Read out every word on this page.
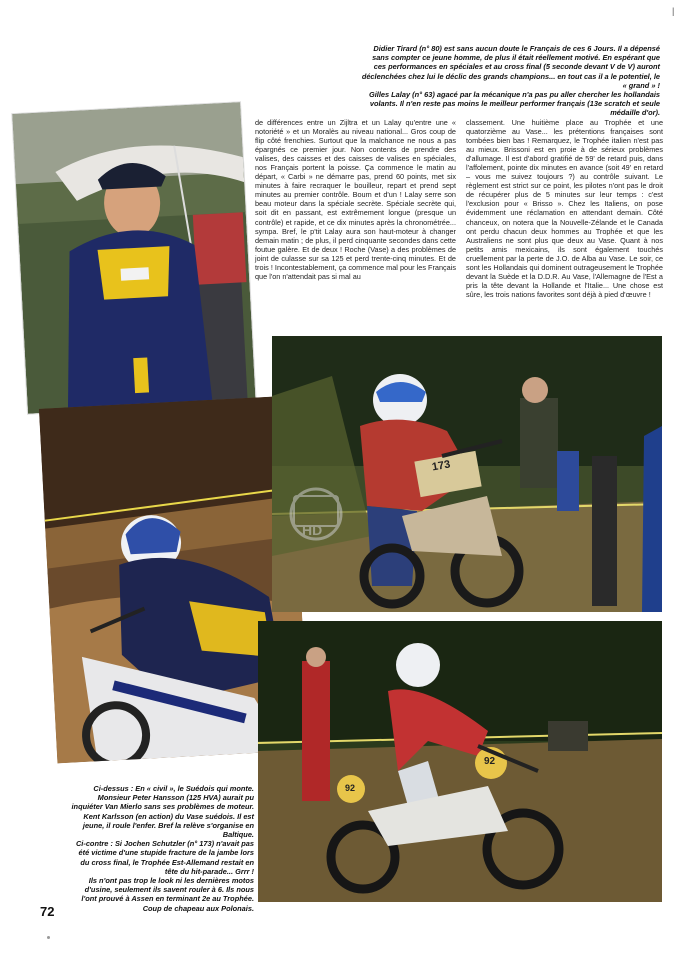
Didier Tirard (n° 80) est sans aucun doute le Français de ces 6 Jours. Il a dépensé sans compter ce jeune homme, de plus il était réellement motivé. En espérant que ces performances en spéciales et au cross final (5 seconde devant V de V) auront déclenchées chez lui le déclic des grands champions... en tout cas il a le potentiel, le « grand » !

Gilles Lalay (n° 63) agacé par la mécanique n'a pas pu aller chercher les hollandais volants. Il n'en reste pas moins le meilleur performer français (13e scratch et seule médaille d'or).

|
de différences entre un Zijltra et un Lalay qu'entre une « notoriété » et un Moralès au niveau national... Gros coup de flip côté frenchies. Surtout que la malchance ne nous a pas épargnés ce premier jour. Non contents de prendre des valises, des caisses et des caisses de valises en spéciales, nos Français portent la poisse. Ça commence le matin au départ, « Carbi » ne démarre pas, prend 60 points, met six minutes à faire recraquer le bouilleur, repart et prend sept minutes au premier contrôle. Boum et d'un ! Lalay serre son beau moteur dans la spéciale secrète. Spéciale secrète qui, soit dit en passant, est extrêmement longue (presque un contrôle) et rapide, et ce dix minutes après la chronométrée... sympa. Bref, le p'tit Lalay aura son haut-moteur à changer demain matin ; de plus, il perd cinquante secondes dans cette foutue galère. Et de deux ! Roche (Vase) a des problèmes de joint de culasse sur sa 125 et perd trente-cinq minutes. Et de trois ! Incontestablement, ça commence mal pour les Français que l'on n'attendait pas si mal au
classement. Une huitième place au Trophée et une quatorzième au Vase... les prétentions françaises sont tombées bien bas ! Remarquez, le Trophée italien n'est pas au mieux. Brissoni est en proie à de sérieux problèmes d'allumage. Il est d'abord gratifié de 59' de retard puis, dans l'affolement, pointe dix minutes en avance (soit 49' en retard – vous me suivez toujours ?) au contrôle suivant. Le règlement est strict sur ce point, les pilotes n'ont pas le droit de récupérer plus de 5 minutes sur leur temps : c'est l'exclusion pour « Brisso ». Chez les Italiens, on pose évidemment une réclamation en attendant demain. Côté chanceux, on notera que la Nouvelle-Zélande et le Canada ont perdu chacun deux hommes au Trophée et que les Australiens ne sont plus que deux au Vase. Quant à nos petits amis mexicains, ils sont également touchés cruellement par la perte de J.O. de Alba au Vase. Le soir, ce sont les Hollandais qui dominent outrageusement le Trophée devant la Suède et la D.D.R. Au Vase, l'Allemagne de l'Est a pris la tête devant la Hollande et l'Italie... Une chose est sûre, les trois nations favorites sont déjà à pied d'œuvre !
173
HD
92
92

Ci-dessus : En « civil », le Suédois qui monte. Monsieur Peter Hansson (125 HVA) aurait pu inquiéter Van Mierlo sans ses problèmes de moteur. Kent Karlsson (en action) du Vase suédois. Il est jeune, il roule l'enfer. Bref la relève s'organise en Baltique.

Ci-contre : Si Jochen Schutzler (n° 173) n'avait pas été victime d'une stupide fracture de la jambe lors du cross final, le Trophée Est-Allemand restait en tête du hit-parade... Grrr !

Ils n'ont pas trop le look ni les dernières motos d'usine, seulement ils savent rouler à 6. Ils nous l'ont prouvé à Assen en terminant 2e au Trophée. Coup de chapeau aux Polonais.

72
